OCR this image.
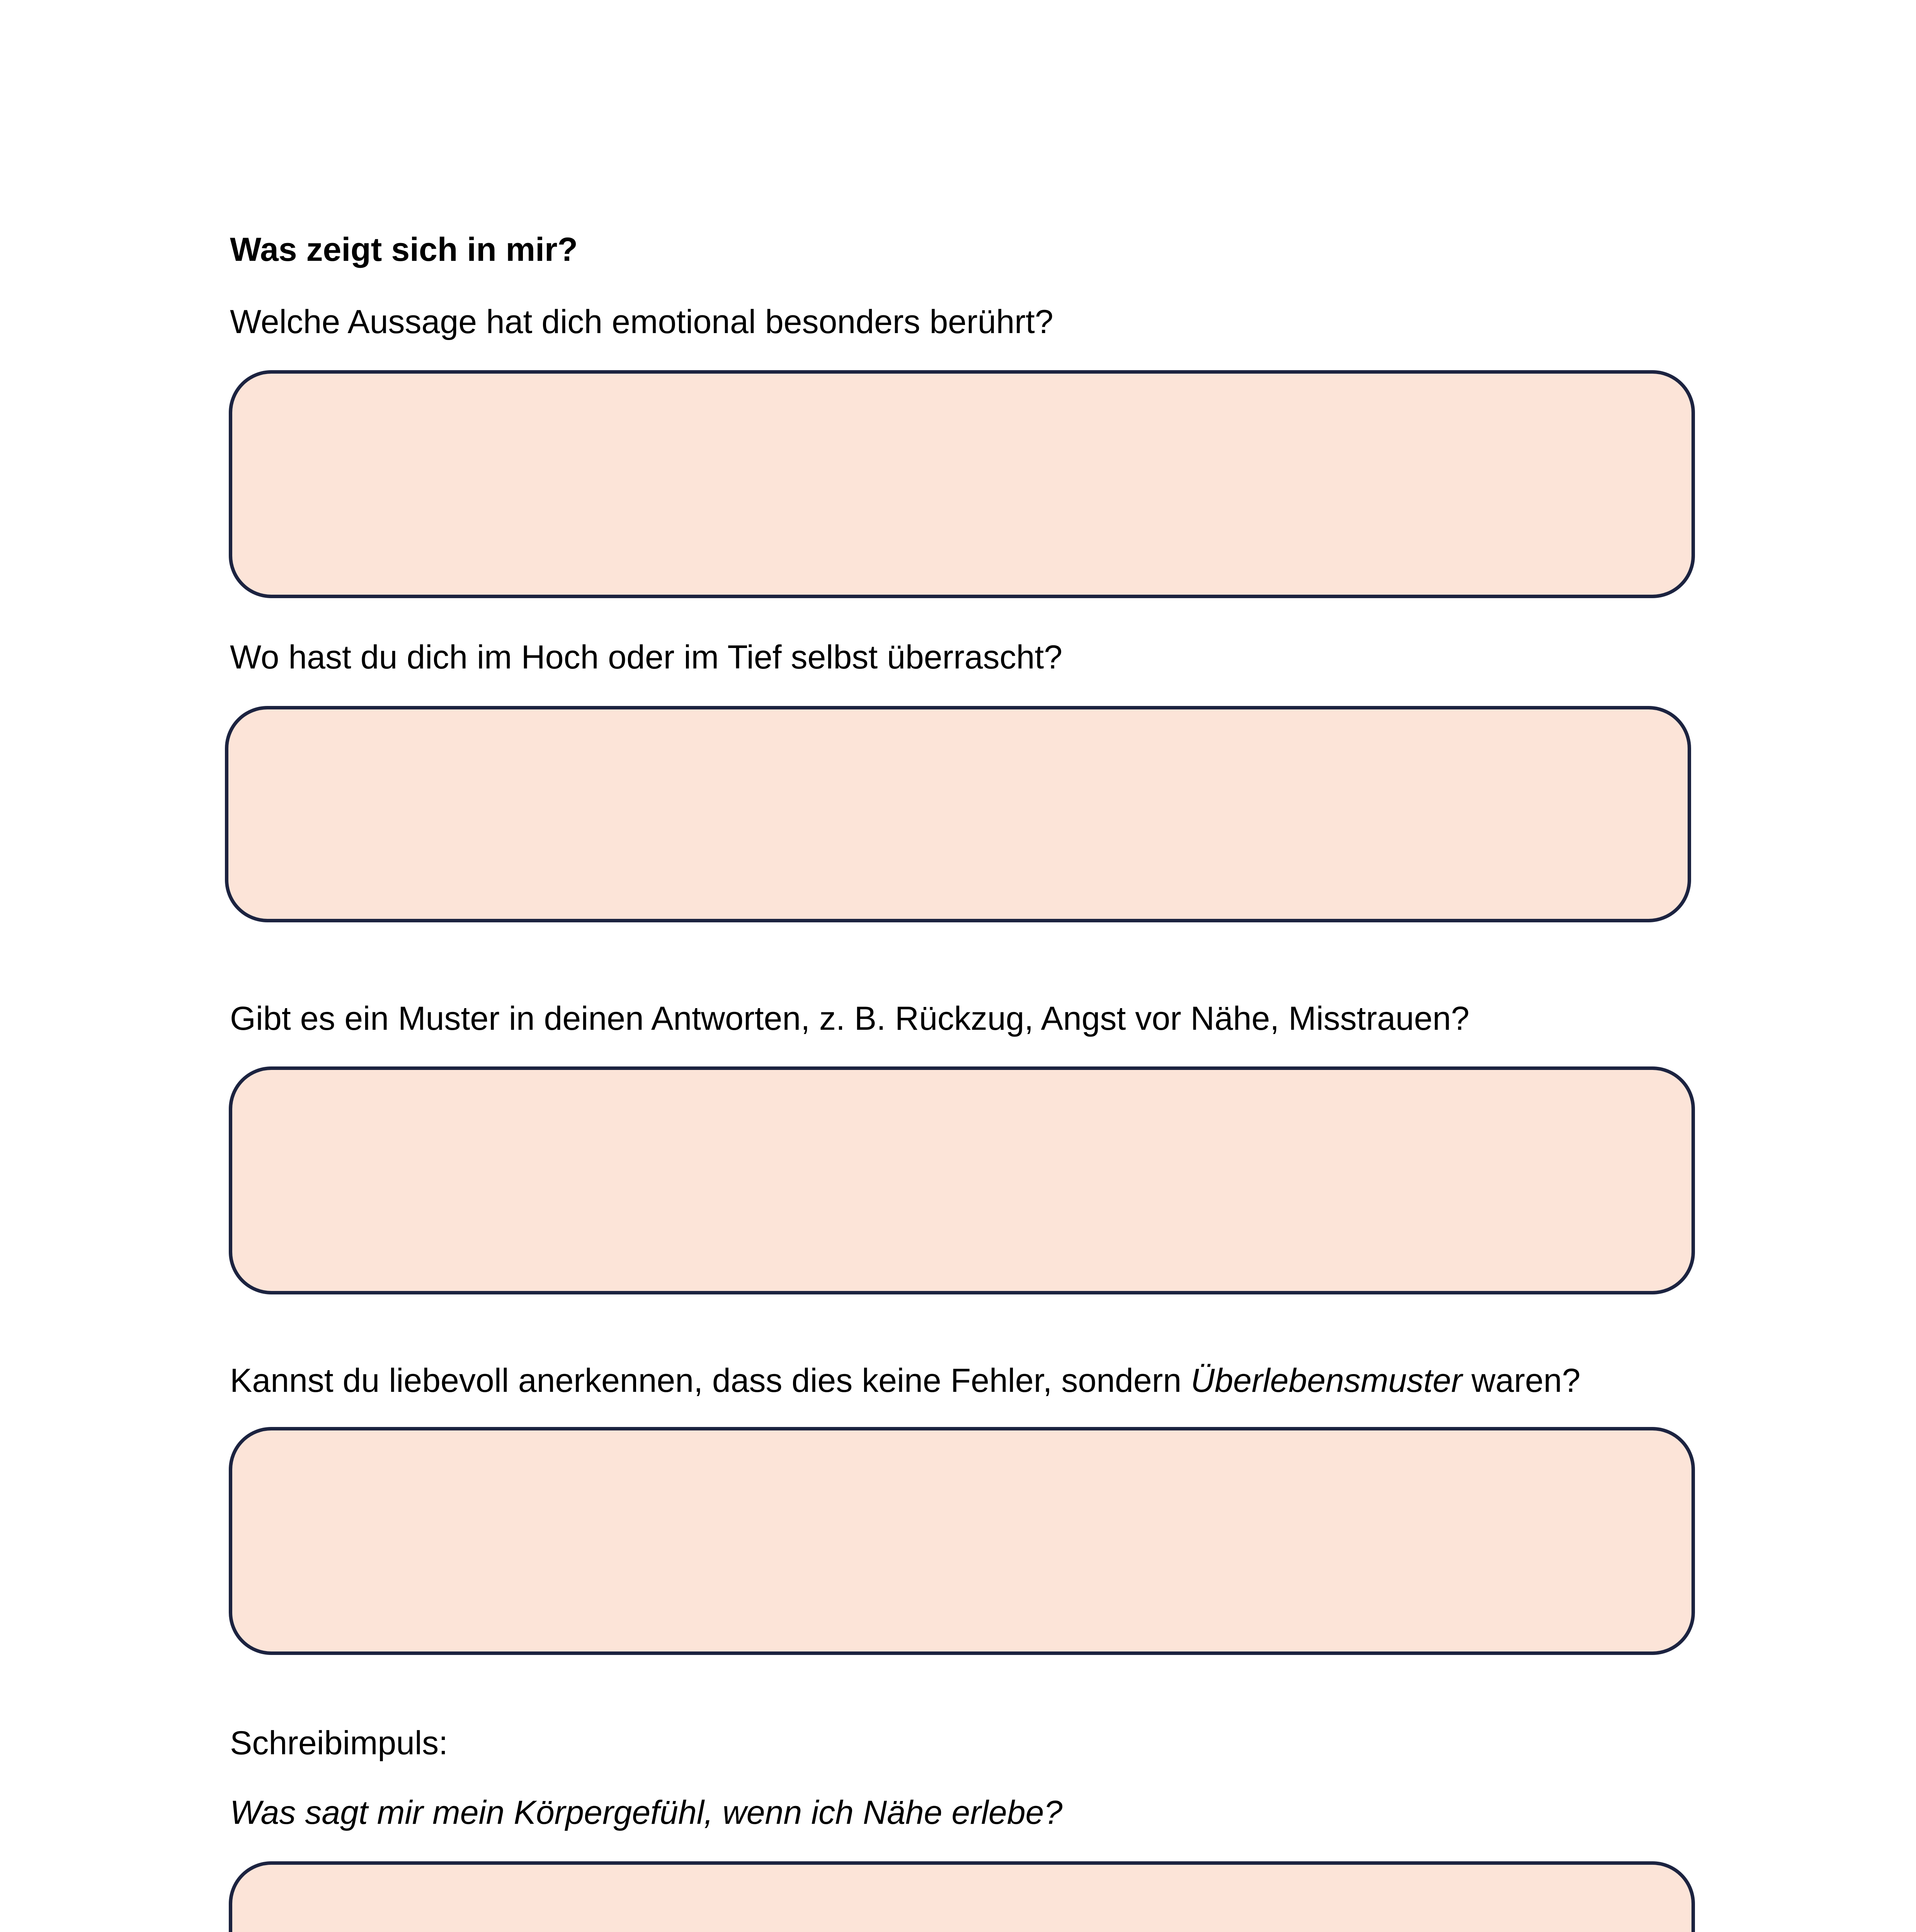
Was zeigt sich in mir?

Welche Aussage hat dich emotional besonders berührt?

Wo hast du dich im Hoch oder im Tief selbst überrascht?

Gibt es ein Muster in deinen Antworten, z. B. Rückzug, Angst vor Nähe, Misstrauen?

Kannst du liebevoll anerkennen, dass dies keine Fehler, sondern Überlebensmuster waren?

Schreibimpuls:

Was sagt mir mein Körpergefühl, wenn ich Nähe erlebe?
